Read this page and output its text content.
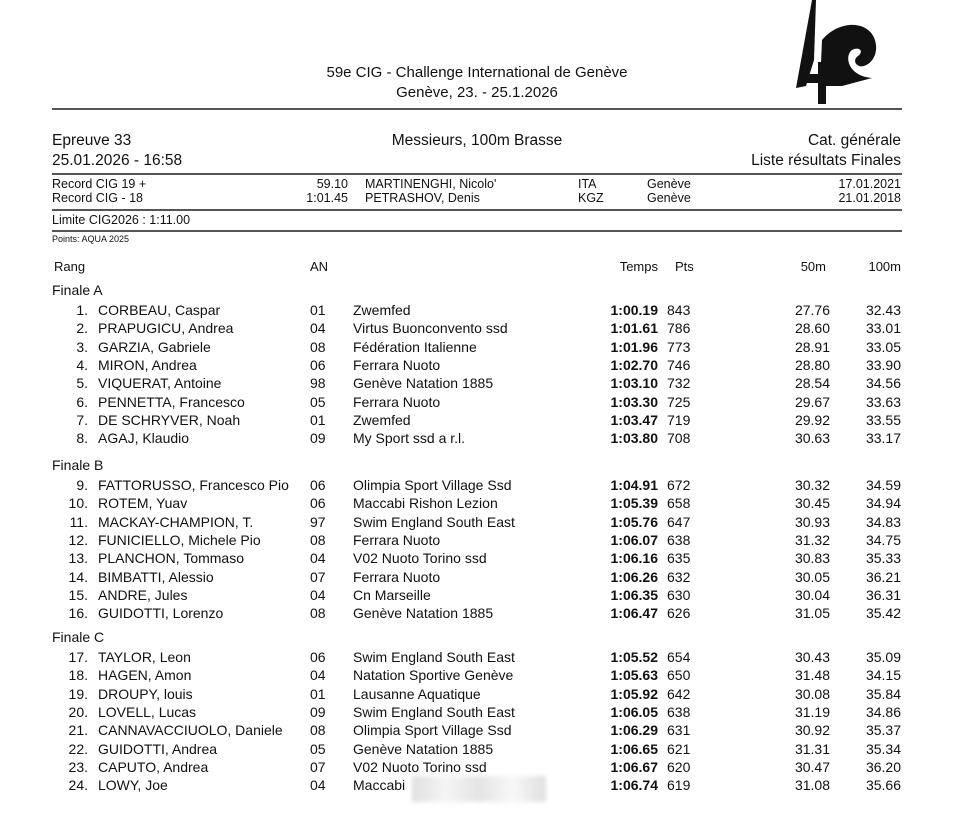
59e CIG - Challenge International de Genève
Genève, 23. - 25.1.2026
Epreuve 33
25.01.2026 - 16:58
Messieurs, 100m Brasse	Cat. générale
Liste résultats Finales
Record CIG 19 +	59.10 MARTINENGHI, Nicolo'	ITA	Genève	17.01.2021
Record CIG - 18	1:01.45 PETRASHOV, Denis	KGZ	Genève	21.01.2018
Limite CIG2026 : 1:11.00
Points: AQUA 2025
Rang	AN	Temps Pts	50m	100m
Finale A
1. CORBEAU, Caspar	01 Zwemfed	1:00.19 843	27.76	32.43
2. PRAPUGICU, Andrea	04 Virtus Buonconvento ssd	1:01.61 786	28.60	33.01
3. GARZIA, Gabriele	08 Fédération Italienne	1:01.96 773	28.91	33.05
4. MIRON, Andrea	06 Ferrara Nuoto	1:02.70 746	28.80	33.90
5. VIQUERAT, Antoine	98 Genève Natation 1885	1:03.10 732	28.54	34.56
6. PENNETTA, Francesco	05 Ferrara Nuoto	1:03.30 725	29.67	33.63
7. DE SCHRYVER, Noah	01 Zwemfed	1:03.47 719	29.92	33.55
8. AGAJ, Klaudio	09 My Sport ssd a r.l.	1:03.80 708	30.63	33.17
Finale B
9. FATTORUSSO, Francesco Pio 06 Olimpia Sport Village Ssd	1:04.91 672	30.32	34.59
10. ROTEM, Yuav	06 Maccabi Rishon Lezion	1:05.39 658	30.45	34.94
11. MACKAY-CHAMPION, T.	97 Swim England South East	1:05.76 647	30.93	34.83
12. FUNICIELLO, Michele Pio	08 Ferrara Nuoto	1:06.07 638	31.32	34.75
13. PLANCHON, Tommaso	04 V02 Nuoto Torino ssd	1:06.16 635	30.83	35.33
14. BIMBATTI, Alessio	07 Ferrara Nuoto	1:06.26 632	30.05	36.21
15. ANDRE, Jules	04 Cn Marseille	1:06.35 630	30.04	36.31
16. GUIDOTTI, Lorenzo	08 Genève Natation 1885	1:06.47 626	31.05	35.42
Finale C
17. TAYLOR, Leon	06 Swim England South East	1:05.52 654	30.43	35.09
18. HAGEN, Amon	04 Natation Sportive Genève	1:05.63 650	31.48	34.15
19. DROUPY, louis	01 Lausanne Aquatique	1:05.92 642	30.08	35.84
20. LOVELL, Lucas	09 Swim England South East	1:06.05 638	31.19	34.86
21. CANNAVACCIUOLO, Daniele 08 Olimpia Sport Village Ssd	1:06.29 631	30.92	35.37
22. GUIDOTTI, Andrea	05 Genève Natation 1885	1:06.65 621	31.31	35.34
23. CAPUTO, Andrea	07 V02 Nuoto Torino ssd	1:06.67 620	30.47	36.20
24. LOWY, Joe	04 Maccabi	1:06.74 619	31.08	35.66
